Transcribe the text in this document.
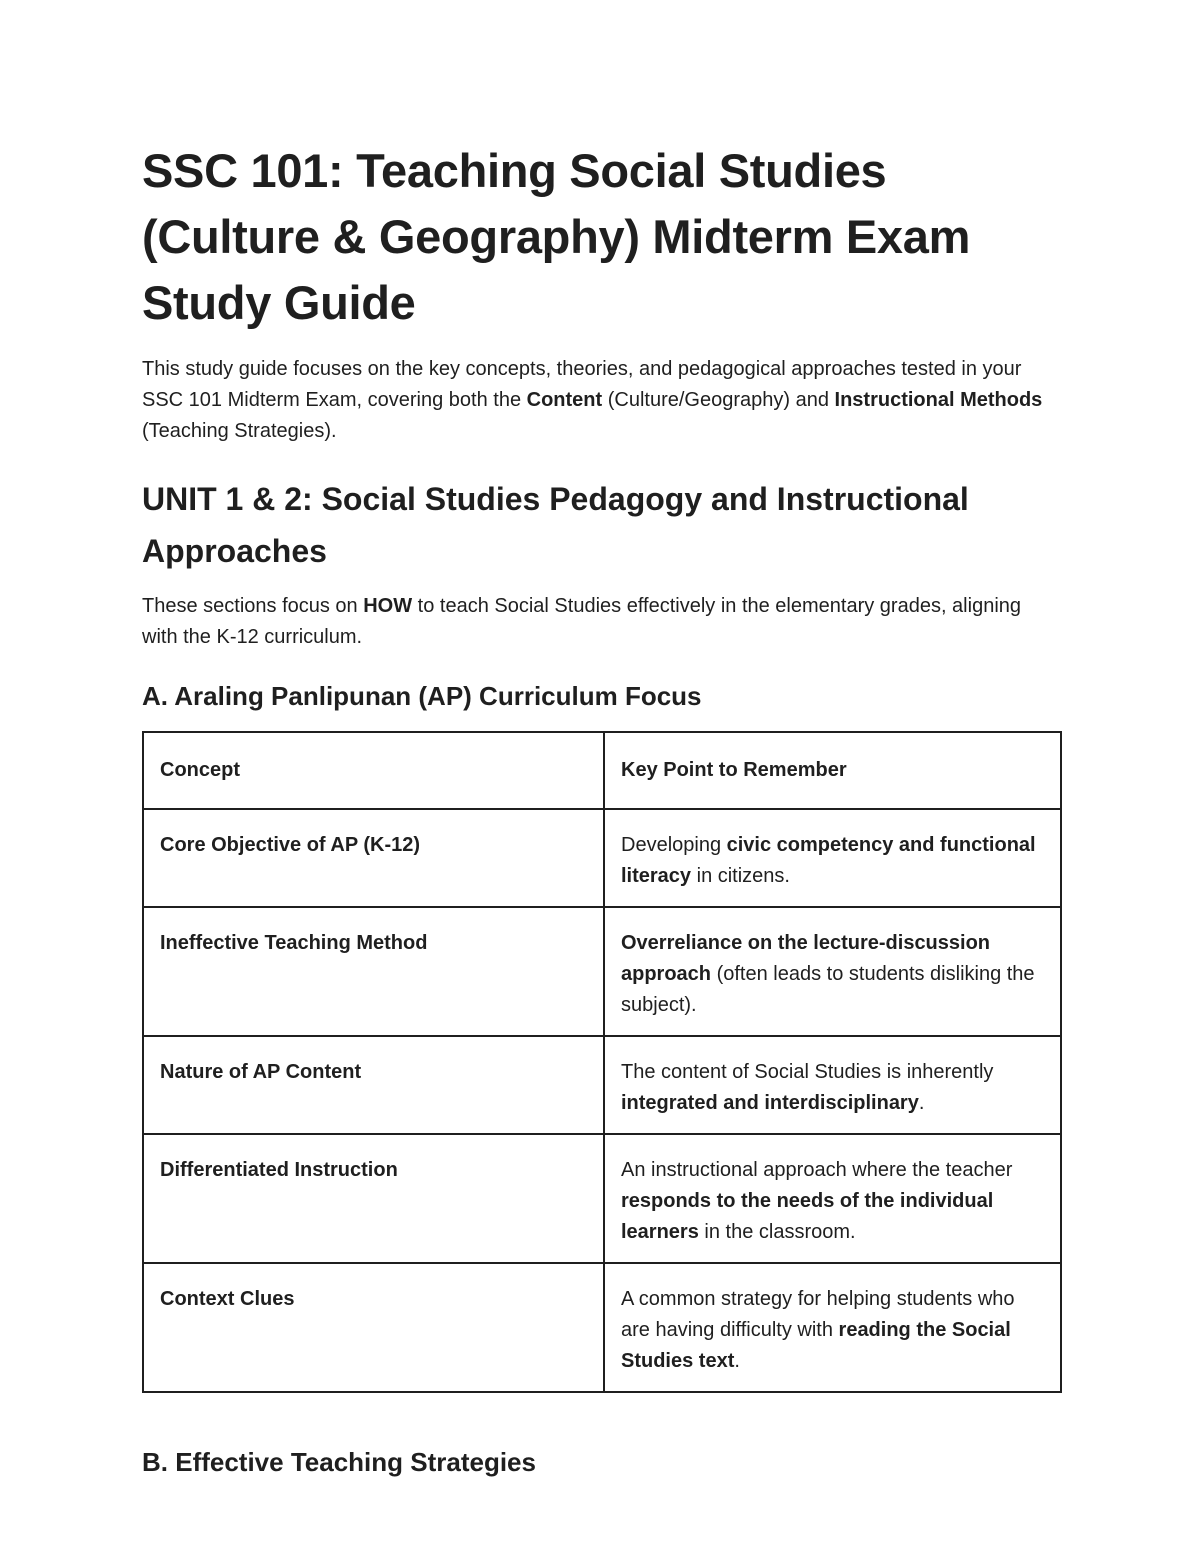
SSC 101: Teaching Social Studies (Culture & Geography) Midterm Exam Study Guide

This study guide focuses on the key concepts, theories, and pedagogical approaches tested in your SSC 101 Midterm Exam, covering both the Content (Culture/Geography) and Instructional Methods (Teaching Strategies).

UNIT 1 & 2: Social Studies Pedagogy and Instructional Approaches

These sections focus on HOW to teach Social Studies effectively in the elementary grades, aligning with the K-12 curriculum.

A. Araling Panlipunan (AP) Curriculum Focus
Concept	Key Point to Remember
Core Objective of AP (K-12)	Developing civic competency and functional literacy in citizens.
Ineffective Teaching Method	Overreliance on the lecture-discussion approach (often leads to students disliking the subject).
Nature of AP Content	The content of Social Studies is inherently integrated and interdisciplinary.
Differentiated Instruction	An instructional approach where the teacher responds to the needs of the individual learners in the classroom.
Context Clues	A common strategy for helping students who are having difficulty with reading the Social Studies text.
B. Effective Teaching Strategies
